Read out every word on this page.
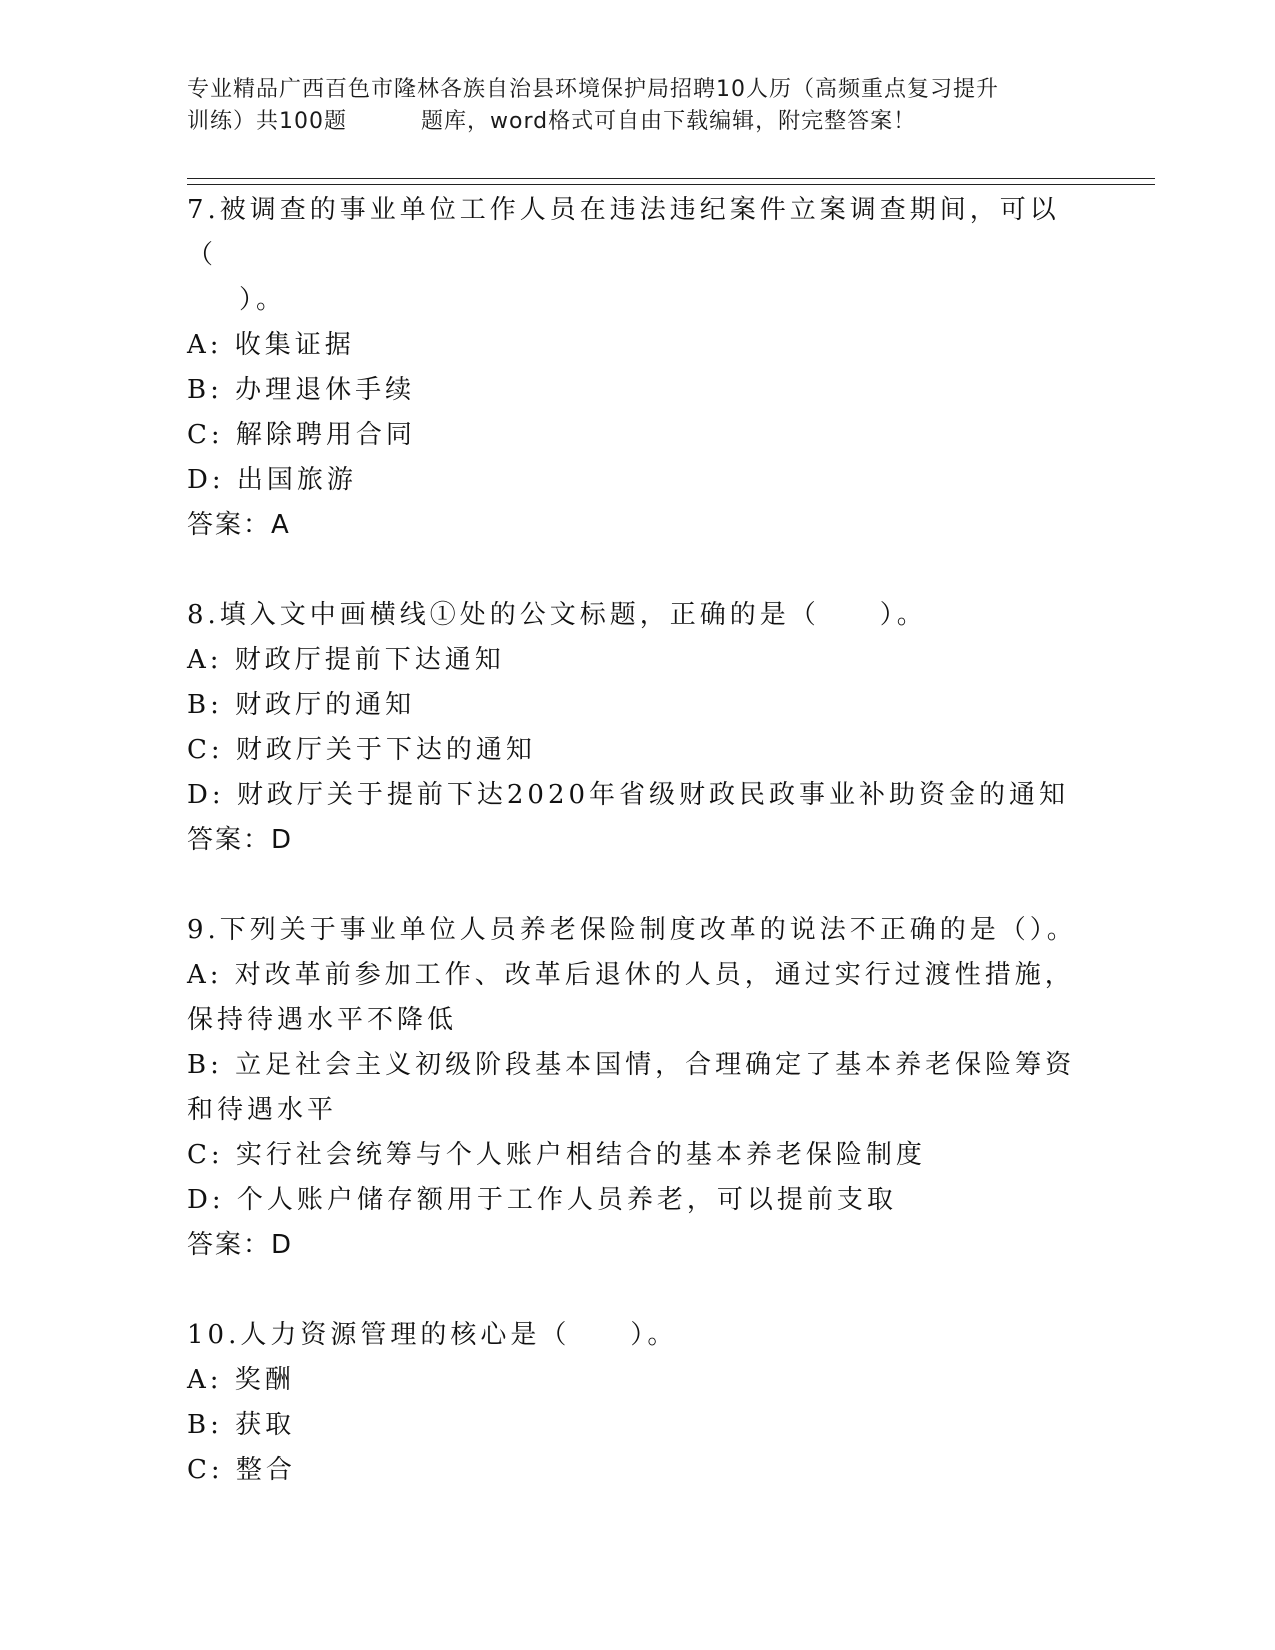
专业精品广西百色市隆林各族自治县环境保护局招聘10人历（高频重点复习提升
训练）共100题	题库，word格式可自由下载编辑，附完整答案！

7.被调查的事业单位工作人员在违法违纪案件立案调查期间，可以（
）。

A: 收集证据

B: 办理退休手续

C: 解除聘用合同

D: 出国旅游

答案：A

8.填入文中画横线①处的公文标题，正确的是（　　）。

A: 财政厅提前下达通知

B: 财政厅的通知

C: 财政厅关于下达的通知

D: 财政厅关于提前下达2020年省级财政民政事业补助资金的通知

答案：D

9.下列关于事业单位人员养老保险制度改革的说法不正确的是（）。

A: 对改革前参加工作、改革后退休的人员，通过实行过渡性措施，保持待遇水平不降低

B: 立足社会主义初级阶段基本国情，合理确定了基本养老保险筹资和待遇水平

C: 实行社会统筹与个人账户相结合的基本养老保险制度

D: 个人账户储存额用于工作人员养老，可以提前支取

答案：D

10.人力资源管理的核心是（　　）。

A: 奖酬

B: 获取

C: 整合
